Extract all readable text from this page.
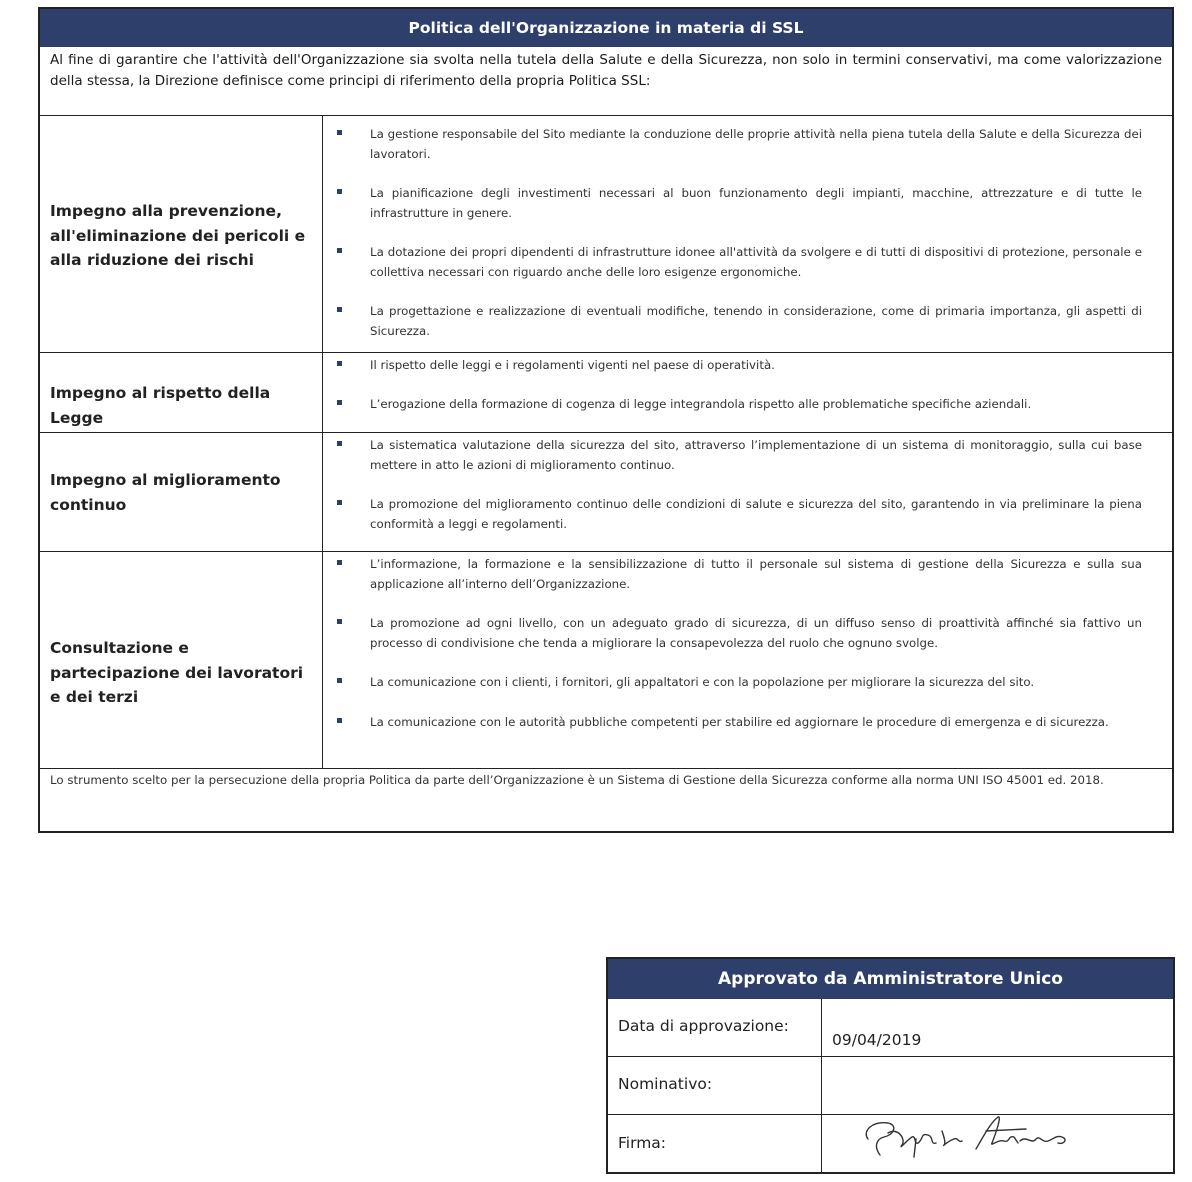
Politica dell'Organizzazione in materia di SSL
Al fine di garantire che l'attività dell'Organizzazione sia svolta nella tutela della Salute e della Sicurezza, non solo in termini conservativi, ma come valorizzazione della stessa, la Direzione definisce come principi di riferimento della propria Politica SSL:
Impegno alla prevenzione, all'eliminazione dei pericoli e alla riduzione dei rischi
La gestione responsabile del Sito mediante la conduzione delle proprie attività nella piena tutela della Salute e della Sicurezza dei lavoratori.
La pianificazione degli investimenti necessari al buon funzionamento degli impianti, macchine, attrezzature e di tutte le infrastrutture in genere.
La dotazione dei propri dipendenti di infrastrutture idonee all'attività da svolgere e di tutti di dispositivi di protezione, personale e collettiva necessari con riguardo anche delle loro esigenze ergonomiche.
La progettazione e realizzazione di eventuali modifiche, tenendo in considerazione, come di primaria importanza, gli aspetti di Sicurezza.
Impegno al rispetto della Legge
Il rispetto delle leggi e i regolamenti vigenti nel paese di operatività.
L’erogazione della formazione di cogenza di legge integrandola rispetto alle problematiche specifiche aziendali.
Impegno al miglioramento continuo
La sistematica valutazione della sicurezza del sito, attraverso l’implementazione di un sistema di monitoraggio, sulla cui base mettere in atto le azioni di miglioramento continuo.
La promozione del miglioramento continuo delle condizioni di salute e sicurezza del sito, garantendo in via preliminare la piena conformità a leggi e regolamenti.
Consultazione e partecipazione dei lavoratori e dei terzi
L’informazione, la formazione e la sensibilizzazione di tutto il personale sul sistema di gestione della Sicurezza e sulla sua applicazione all’interno dell’Organizzazione.
La promozione ad ogni livello, con un adeguato grado di sicurezza, di un diffuso senso di proattività affinché sia fattivo un processo di condivisione che tenda a migliorare la consapevolezza del ruolo che ognuno svolge.
La comunicazione con i clienti, i fornitori, gli appaltatori e con la popolazione per migliorare la sicurezza del sito.
La comunicazione con le autorità pubbliche competenti per stabilire ed aggiornare le procedure di emergenza e di sicurezza.
Lo strumento scelto per la persecuzione della propria Politica da parte dell’Organizzazione è un Sistema di Gestione della Sicurezza conforme alla norma UNI ISO 45001 ed. 2018.
Approvato da Amministratore Unico
Data di approvazione:
09/04/2019
Nominativo:
Firma:
